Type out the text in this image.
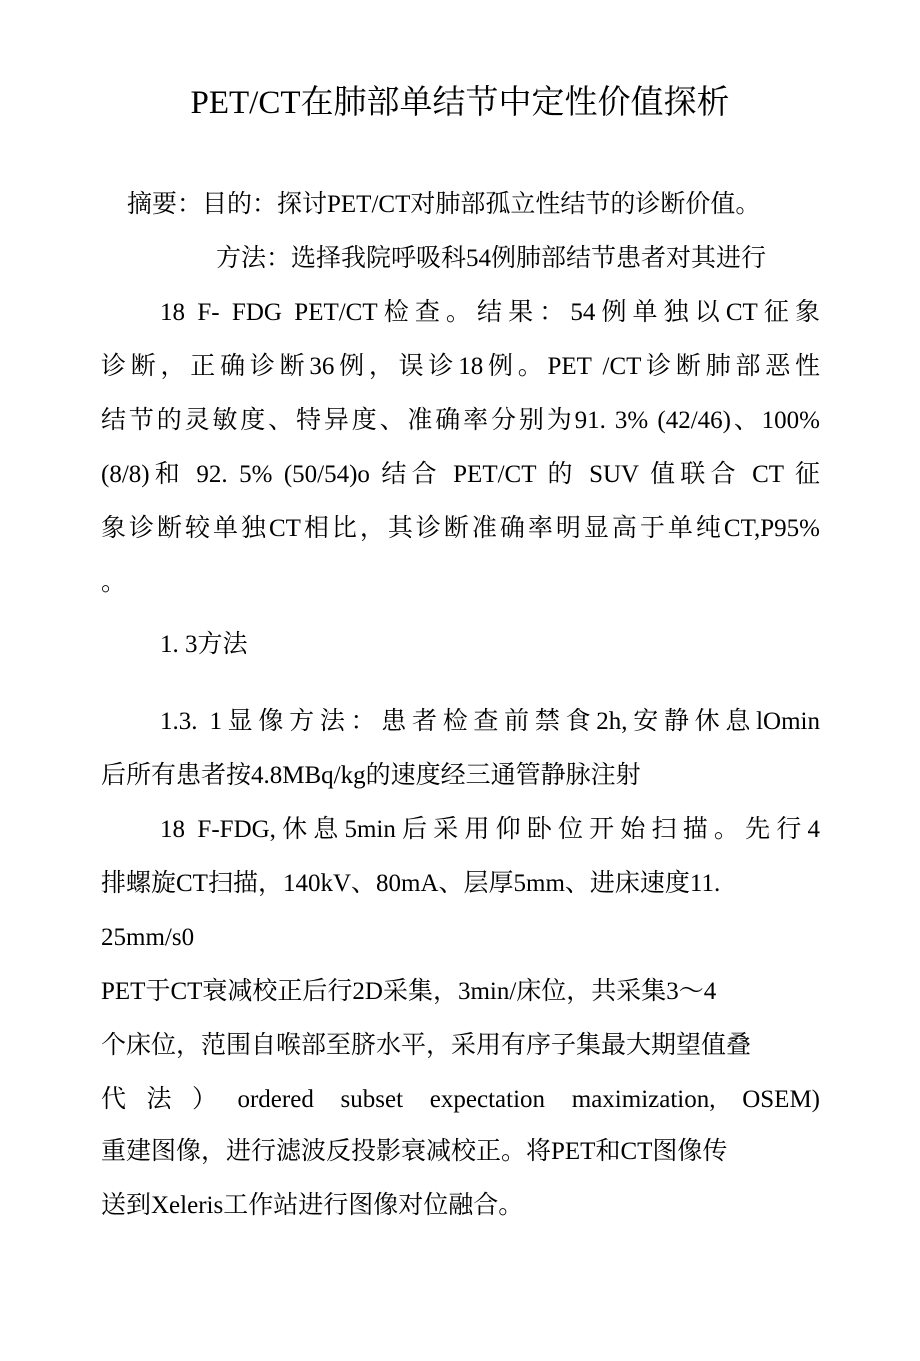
PET/CT在肺部单结节中定性价值探析
摘要：目的：探讨PET/CT对肺部孤立性结节的诊断价值。
方法：选择我院呼吸科54例肺部结节患者对其进行
18 F- FDG PET/CT检查。结果：54例单独以CT征象
诊断，正确诊断36例，误诊18例。PET /CT诊断肺部恶性
结节的灵敏度、特异度、准确率分别为91. 3% (42/46)、100%
(8/8)和 92. 5% (50/54)o 结合 PET/CT 的 SUV 值联合 CT 征
象诊断较单独CT相比，其诊断准确率明显高于单纯CT,P95%
。
1. 3方法
1.3. 1显像方法：患者检查前禁食2h,安静休息lOmin
后所有患者按4.8MBq/kg的速度经三通管静脉注射
18 F-FDG,休息5min后采用仰卧位开始扫描。先行4
排螺旋CT扫描，140kV、80mA、层厚5mm、进床速度11.
25mm/s0
PET于CT衰减校正后行2D采集，3min/床位，共采集3～4
个床位，范围自喉部至脐水平，采用有序子集最大期望值叠
代法）ordered subset expectation maximization, OSEM)
重建图像，进行滤波反投影衰减校正。将PET和CT图像传
送到Xeleris工作站进行图像对位融合。
